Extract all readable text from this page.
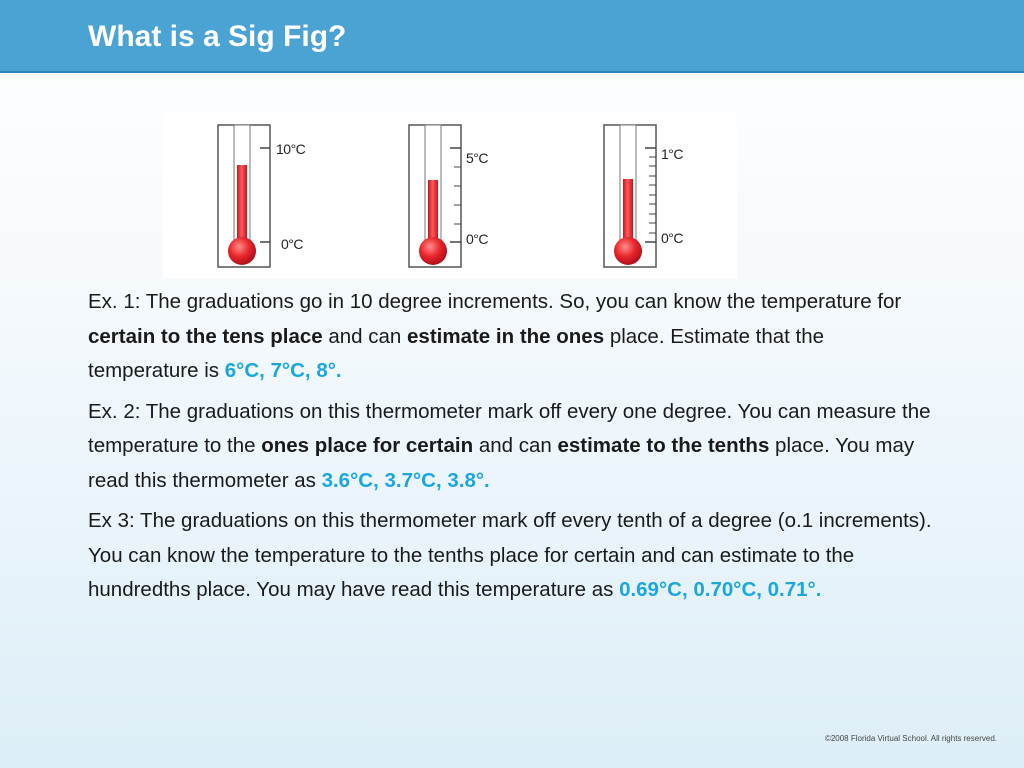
What is a Sig Fig?
10°C
0°C
5°C
0°C
1°C
0°C

Ex. 1: The graduations go in 10 degree increments. So, you can know the temperature for certain to the tens place and can estimate in the ones place. Estimate that the temperature is 6°C, 7°C, 8°.

Ex. 2: The graduations on this thermometer mark off every one degree. You can measure the temperature to the ones place for certain and can estimate to the tenths place. You may read this thermometer as 3.6°C, 3.7°C, 3.8°.

Ex 3: The graduations on this thermometer mark off every tenth of a degree (o.1 increments). You can know the temperature to the tenths place for certain and can estimate to the hundredths place. You may have read this temperature as 0.69°C, 0.70°C, 0.71°.

©2008 Florida Virtual School. All rights reserved.
